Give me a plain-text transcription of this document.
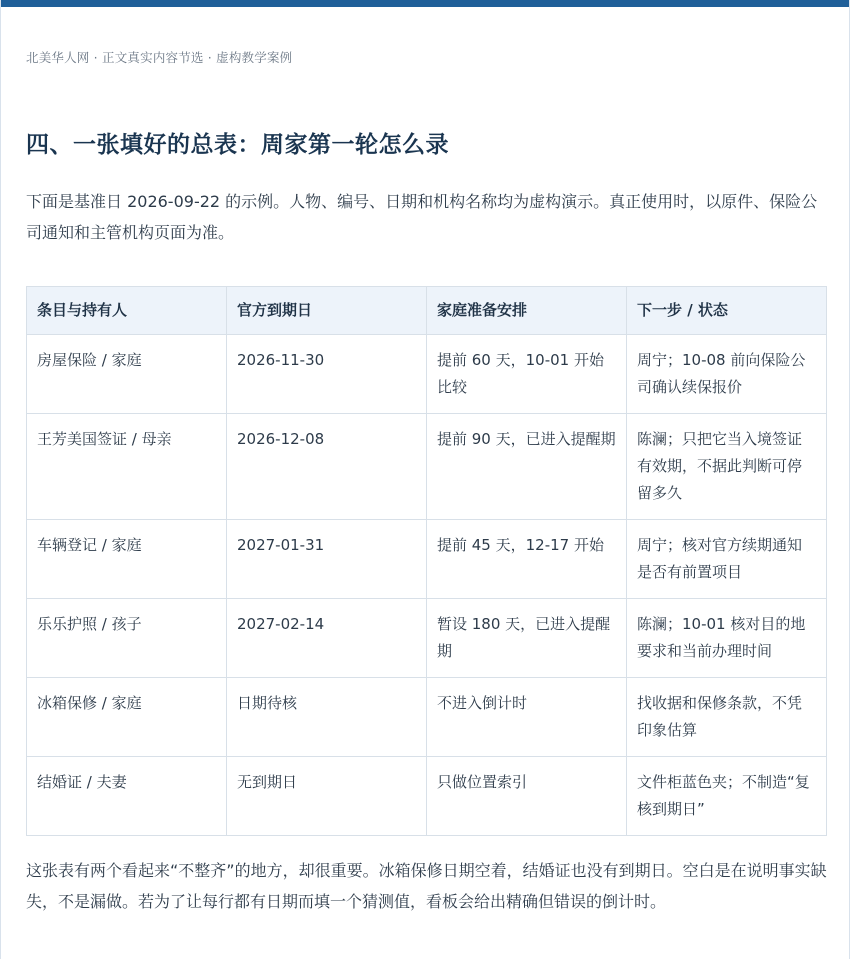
北美华人网 · 正文真实内容节选 · 虚构教学案例
四、一张填好的总表：周家第一轮怎么录

下面是基准日 2026-09-22 的示例。人物、编号、日期和机构名称均为虚构演示。真正使用时，以原件、保险公司通知和主管机构页面为准。

条目与持有人	官方到期日	家庭准备安排	下一步 / 状态
房屋保险 / 家庭	2026-11-30	提前 60 天，10-01 开始比较	周宁；10-08 前向保险公司确认续保报价
王芳美国签证 / 母亲	2026-12-08	提前 90 天，已进入提醒期	陈澜；只把它当入境签证有效期，不据此判断可停留多久
车辆登记 / 家庭	2027-01-31	提前 45 天，12-17 开始	周宁；核对官方续期通知是否有前置项目
乐乐护照 / 孩子	2027-02-14	暂设 180 天，已进入提醒期	陈澜；10-01 核对目的地要求和当前办理时间
冰箱保修 / 家庭	日期待核	不进入倒计时	找收据和保修条款，不凭印象估算
结婚证 / 夫妻	无到期日	只做位置索引	文件柜蓝色夹；不制造“复核到期日”

这张表有两个看起来“不整齐”的地方，却很重要。冰箱保修日期空着，结婚证也没有到期日。空白是在说明事实缺失，不是漏做。若为了让每行都有日期而填一个猜测值，看板会给出精确但错误的倒计时。
